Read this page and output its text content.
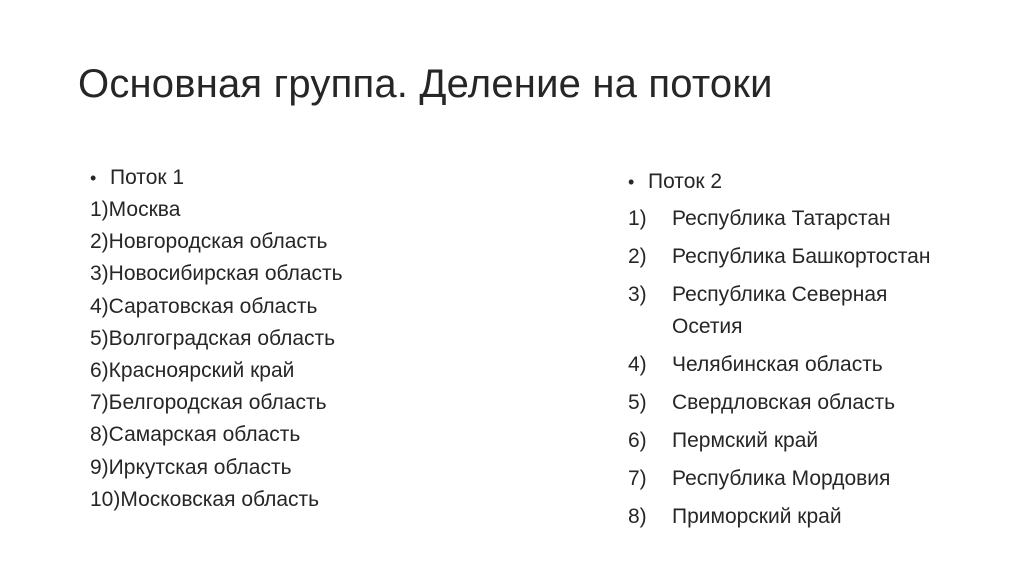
Основная группа. Деление на потоки
• Поток 1
1)Москва
2)Новгородская область
3)Новосибирская область
4)Саратовская область
5)Волгоградская область
6)Красноярский край
7)Белгородская область
8)Самарская область
9)Иркутская область
10)Московская область
• Поток 2
1)	Республика Татарстан
2)	Республика Башкортостан
3)	Республика Северная Осетия
4)	Челябинская область
5)	Свердловская область
6)	Пермский край
7)	Республика Мордовия
8)	Приморский край
